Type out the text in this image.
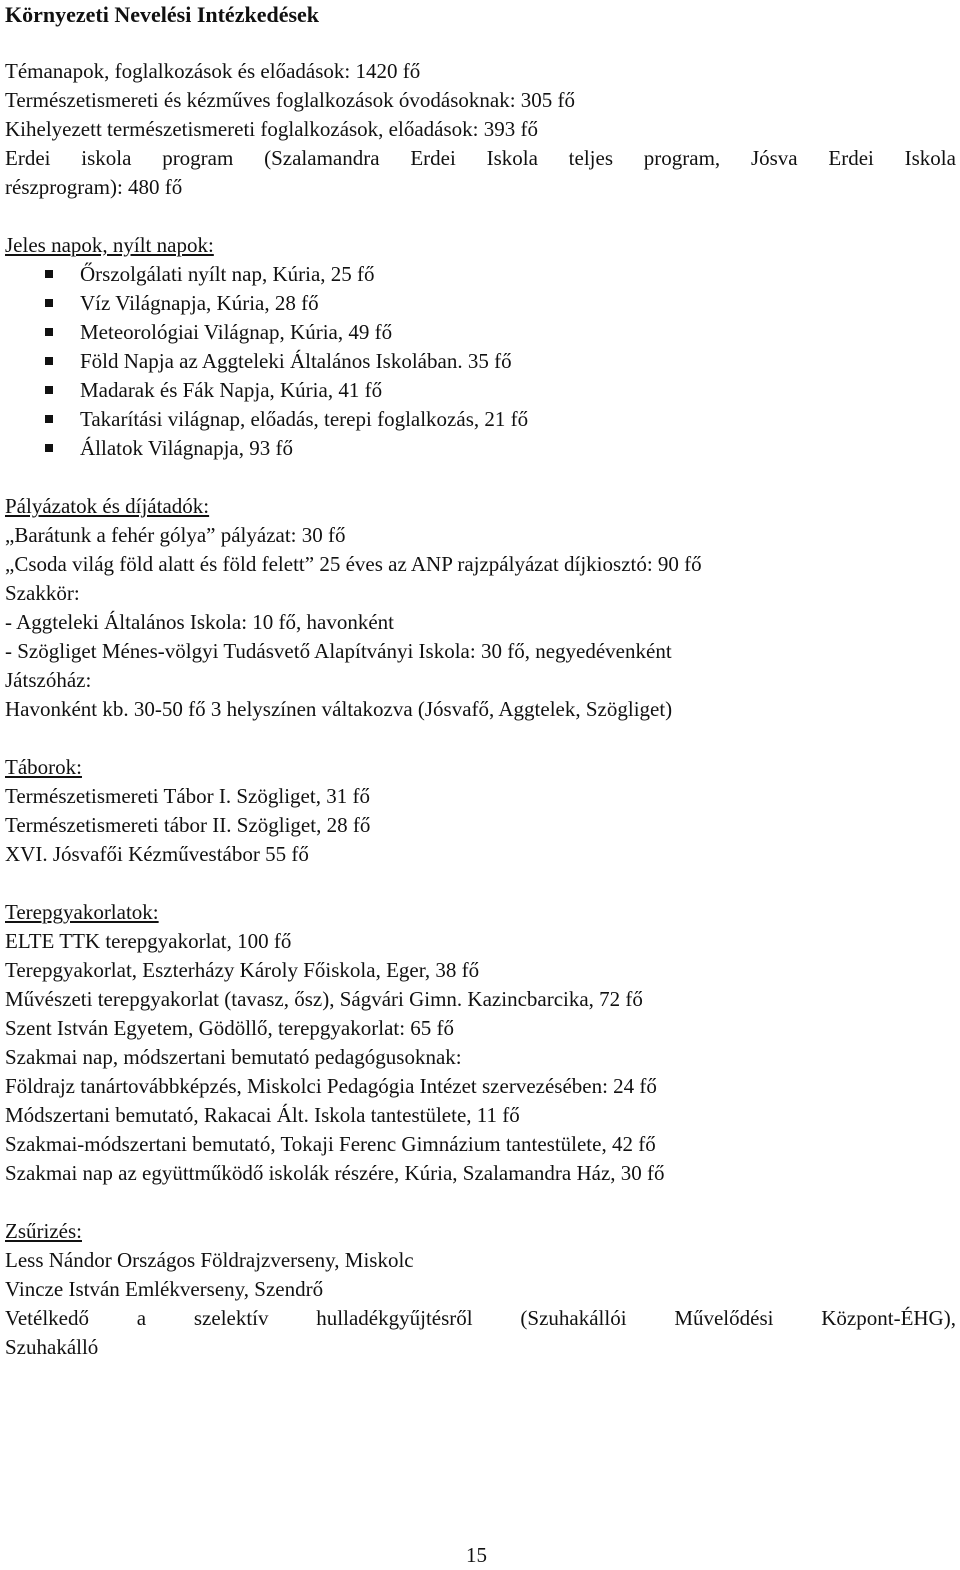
Környezeti Nevelési Intézkedések
Témanapok, foglalkozások és előadások: 1420 fő
Természetismereti és kézműves foglalkozások óvodásoknak: 305 fő
Kihelyezett természetismereti foglalkozások, előadások: 393 fő
Erdei iskola program (Szalamandra Erdei Iskola teljes program, Jósva Erdei Iskola
részprogram): 480 fő
Jeles napok, nyílt napok:
Őrszolgálati nyílt nap, Kúria, 25 fő
Víz Világnapja, Kúria, 28 fő
Meteorológiai Világnap, Kúria, 49 fő
Föld Napja az Aggteleki Általános Iskolában. 35 fő
Madarak és Fák Napja, Kúria, 41 fő
Takarítási világnap, előadás, terepi foglalkozás, 21 fő
Állatok Világnapja, 93 fő
Pályázatok és díjátadók:
„Barátunk a fehér gólya” pályázat: 30 fő
„Csoda világ föld alatt és föld felett” 25 éves az ANP rajzpályázat díjkiosztó: 90 fő
Szakkör:
- Aggteleki Általános Iskola: 10 fő, havonként
- Szögliget Ménes-völgyi Tudásvető Alapítványi Iskola: 30 fő, negyedévenként
Játszóház:
Havonként kb. 30-50 fő 3 helyszínen váltakozva (Jósvafő, Aggtelek, Szögliget)
Táborok:
Természetismereti Tábor I. Szögliget, 31 fő
Természetismereti tábor II. Szögliget, 28 fő
XVI. Jósvafői Kézművestábor 55 fő
Terepgyakorlatok:
ELTE TTK terepgyakorlat, 100 fő
Terepgyakorlat, Eszterházy Károly Főiskola, Eger, 38 fő
Művészeti terepgyakorlat (tavasz, ősz), Ságvári Gimn. Kazincbarcika, 72 fő
Szent István Egyetem, Gödöllő, terepgyakorlat: 65 fő
Szakmai nap, módszertani bemutató pedagógusoknak:
Földrajz tanártovábbképzés, Miskolci Pedagógia Intézet szervezésében: 24 fő
Módszertani bemutató, Rakacai Ált. Iskola tantestülete, 11 fő
Szakmai-módszertani bemutató, Tokaji Ferenc Gimnázium tantestülete, 42 fő
Szakmai nap az együttműködő iskolák részére, Kúria, Szalamandra Ház, 30 fő
Zsűrizés:
Less Nándor Országos Földrajzverseny, Miskolc
Vincze István Emlékverseny, Szendrő
Vetélkedő a szelektív hulladékgyűjtésről (Szuhakállói Művelődési Központ-ÉHG),
Szuhakálló
15
